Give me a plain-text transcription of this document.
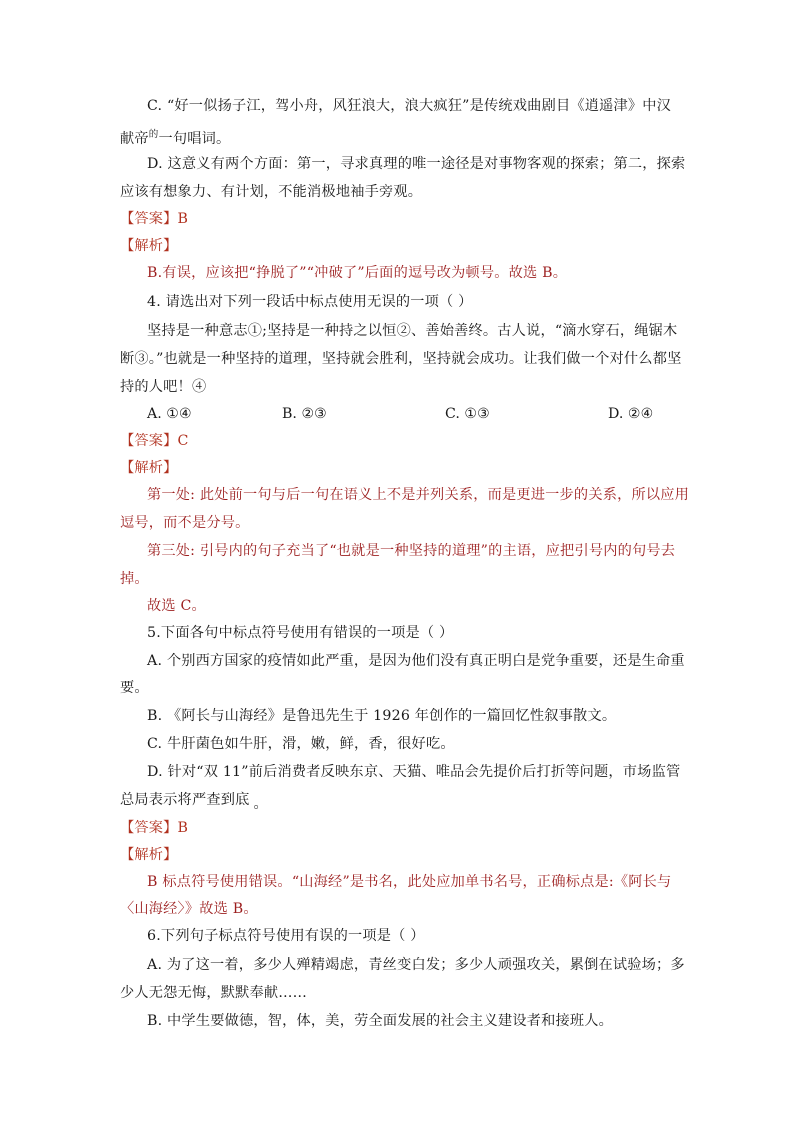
C. “好一似扬子江，驾小舟，风狂浪大，浪大疯狂”是传统戏曲剧目《逍遥津》中汉
献帝$^的$一句唱词。
D. 这意义有两个方面：第一，寻求真理的唯一途径是对事物客观的探索；第二，探索
应该有想象力、有计划，不能消极地袖手旁观。
【答案】B
【解析】
B.有误，应该把“挣脱了”“冲破了”后面的逗号改为顿号。故选 B。
4. 请选出对下列一段话中标点使用无误的一项（ ）
坚持是一种意志①;坚持是一种持之以恒②、善始善终。古人说，“滴水穿石，绳锯木
断③。”也就是一种坚持的道理，坚持就会胜利，坚持就会成功。让我们做一个对什么都坚
持的人吧！④
A. ①④	B. ②③	C. ①③	D. ②④
【答案】C
【解析】
第一处: 此处前一句与后一句在语义上不是并列关系，而是更进一步的关系，所以应用
逗号，而不是分号。
第三处: 引号内的句子充当了“也就是一种坚持的道理”的主语，应把引号内的句号去
掉。
故选 C。
5.下面各句中标点符号使用有错误的一项是（ ）
A. 个别西方国家的疫情如此严重，是因为他们没有真正明白是党争重要，还是生命重
要。
B. 《阿长与山海经》是鲁迅先生于 1926 年创作的一篇回忆性叙事散文。
C. 牛肝菌色如牛肝，滑，嫩，鲜，香，很好吃。
D. 针对“双 11”前后消费者反映东京、天猫、唯品会先提价后打折等问题，市场监管
总局表示将严查到底 。
【答案】B
【解析】
B 标点符号使用错误。“山海经”是书名，此处应加单书名号，正确标点是:《阿长与
〈山海经〉》故选 B。
6.下列句子标点符号使用有误的一项是（ ）
A. 为了这一着，多少人殚精竭虑，青丝变白发；多少人顽强攻关，累倒在试验场；多
少人无怨无悔，默默奉献……
B. 中学生要做德，智，体，美，劳全面发展的社会主义建设者和接班人。
